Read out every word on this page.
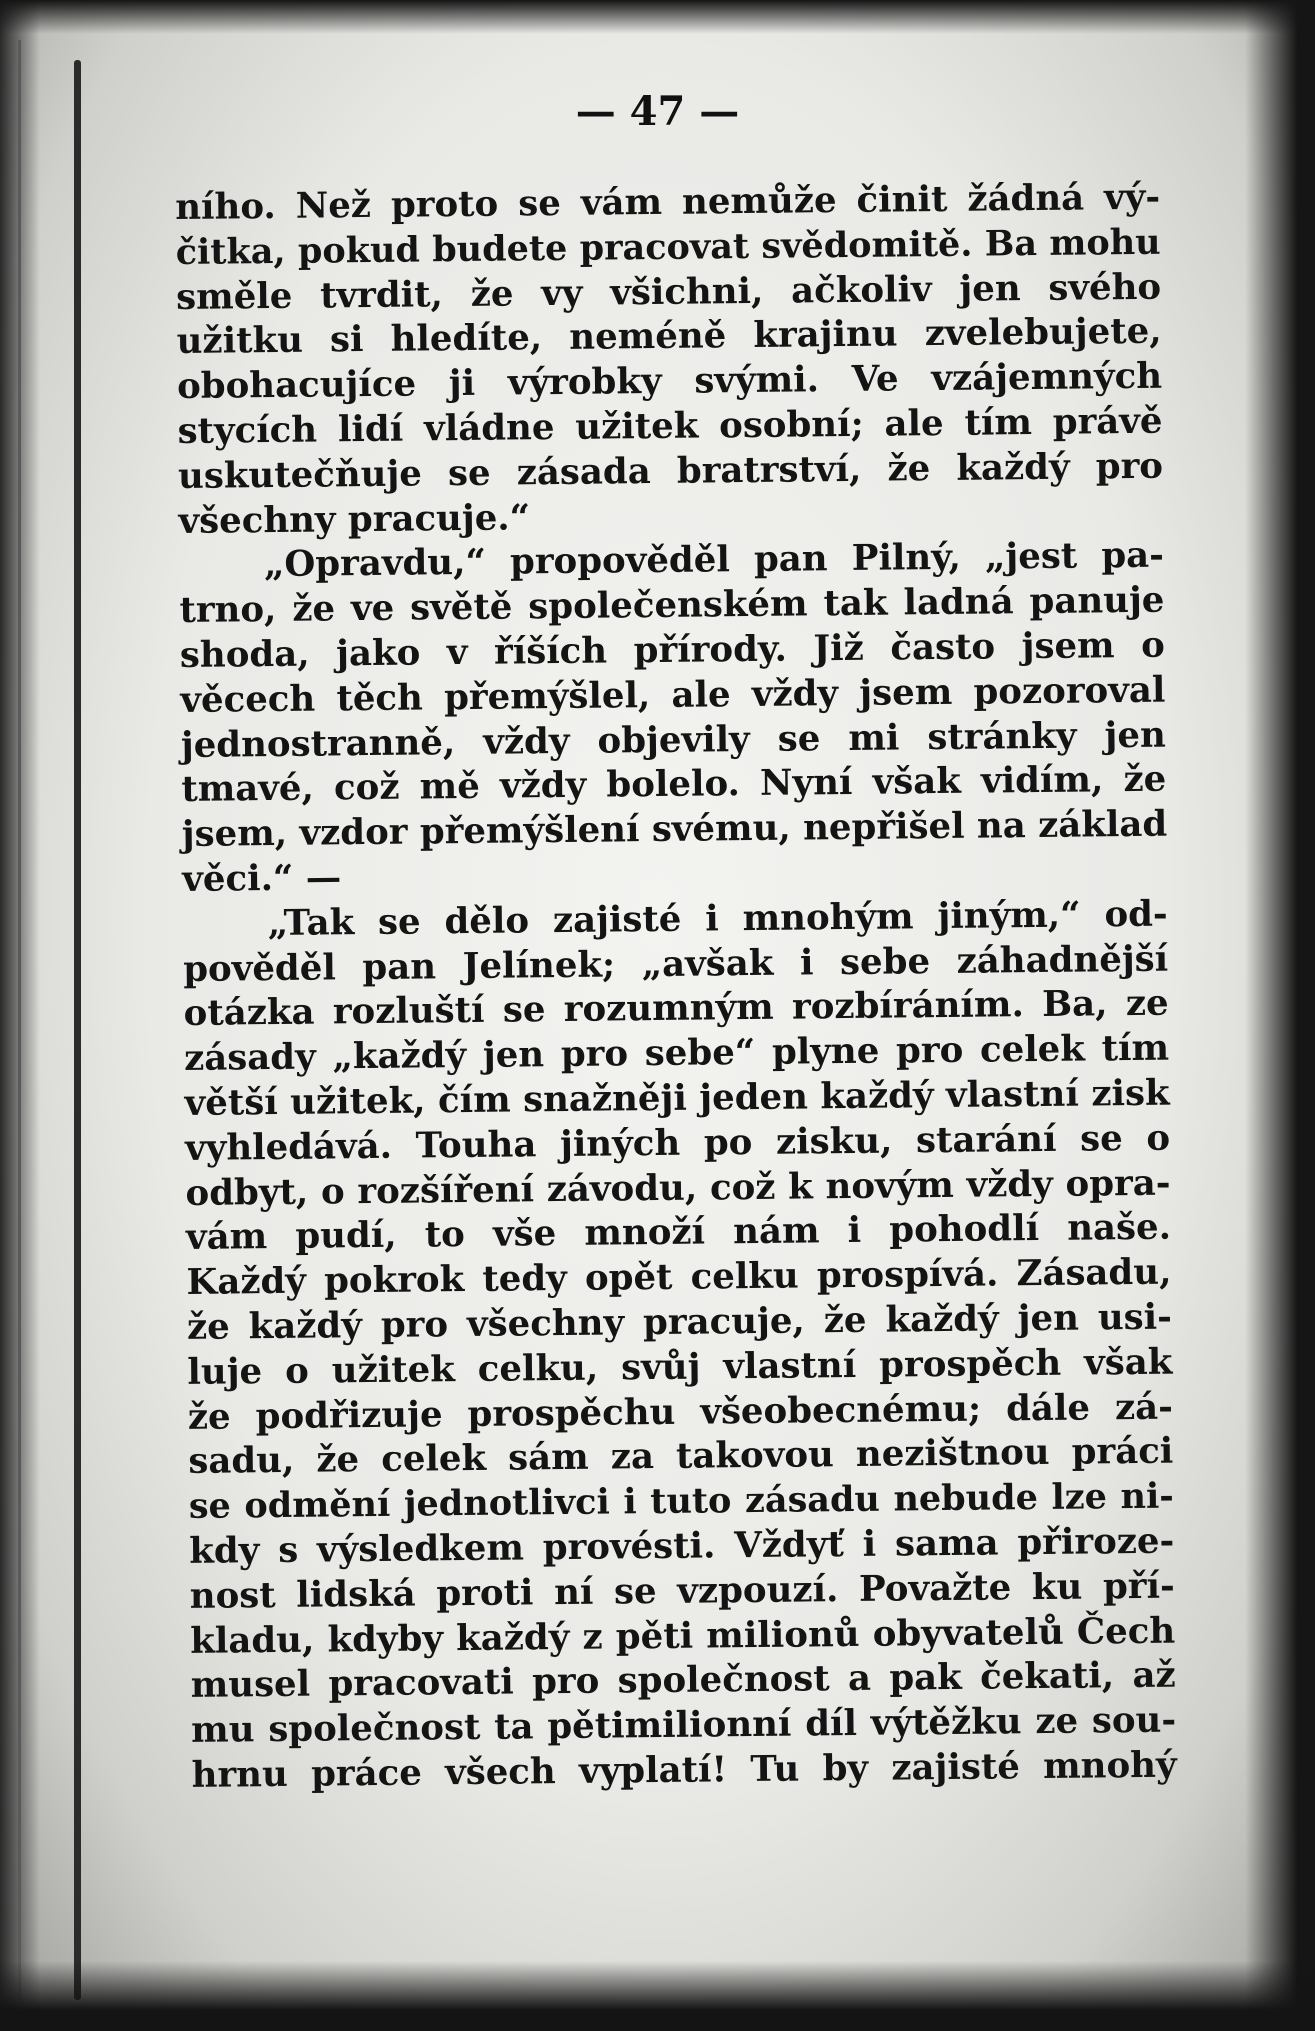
— 47 —
ního. Než proto se vám nemůže činit žádná vý-
čitka, pokud budete pracovat svědomitě. Ba mohu
směle tvrdit, že vy všichni, ačkoliv jen svého
užitku si hledíte, neméně krajinu zvelebujete,
obohacujíce ji výrobky svými. Ve vzájemných
stycích lidí vládne užitek osobní; ale tím právě
uskutečňuje se zásada bratrství, že každý pro
všechny pracuje.“
„Opravdu,“ propověděl pan Pilný, „jest pa-
trno, že ve světě společenském tak ladná panuje
shoda, jako v říších přírody. Již často jsem o
věcech těch přemýšlel, ale vždy jsem pozoroval
jednostranně, vždy objevily se mi stránky jen
tmavé, což mě vždy bolelo. Nyní však vidím, že
jsem, vzdor přemýšlení svému, nepřišel na základ
věci.“ —
„Tak se dělo zajisté i mnohým jiným,“ od-
pověděl pan Jelínek; „avšak i sebe záhadnější
otázka rozluští se rozumným rozbíráním. Ba, ze
zásady „každý jen pro sebe“ plyne pro celek tím
větší užitek, čím snažněji jeden každý vlastní zisk
vyhledává. Touha jiných po zisku, starání se o
odbyt, o rozšíření závodu, což k novým vždy opra-
vám pudí, to vše množí nám i pohodlí naše.
Každý pokrok tedy opět celku prospívá. Zásadu,
že každý pro všechny pracuje, že každý jen usi-
luje o užitek celku, svůj vlastní prospěch však
že podřizuje prospěchu všeobecnému; dále zá-
sadu, že celek sám za takovou nezištnou práci
se odmění jednotlivci i tuto zásadu nebude lze ni-
kdy s výsledkem provésti. Vždyť i sama přiroze-
nost lidská proti ní se vzpouzí. Považte ku pří-
kladu, kdyby každý z pěti milionů obyvatelů Čech
musel pracovati pro společnost a pak čekati, až
mu společnost ta pětimilionní díl výtěžku ze sou-
hrnu práce všech vyplatí! Tu by zajisté mnohý
